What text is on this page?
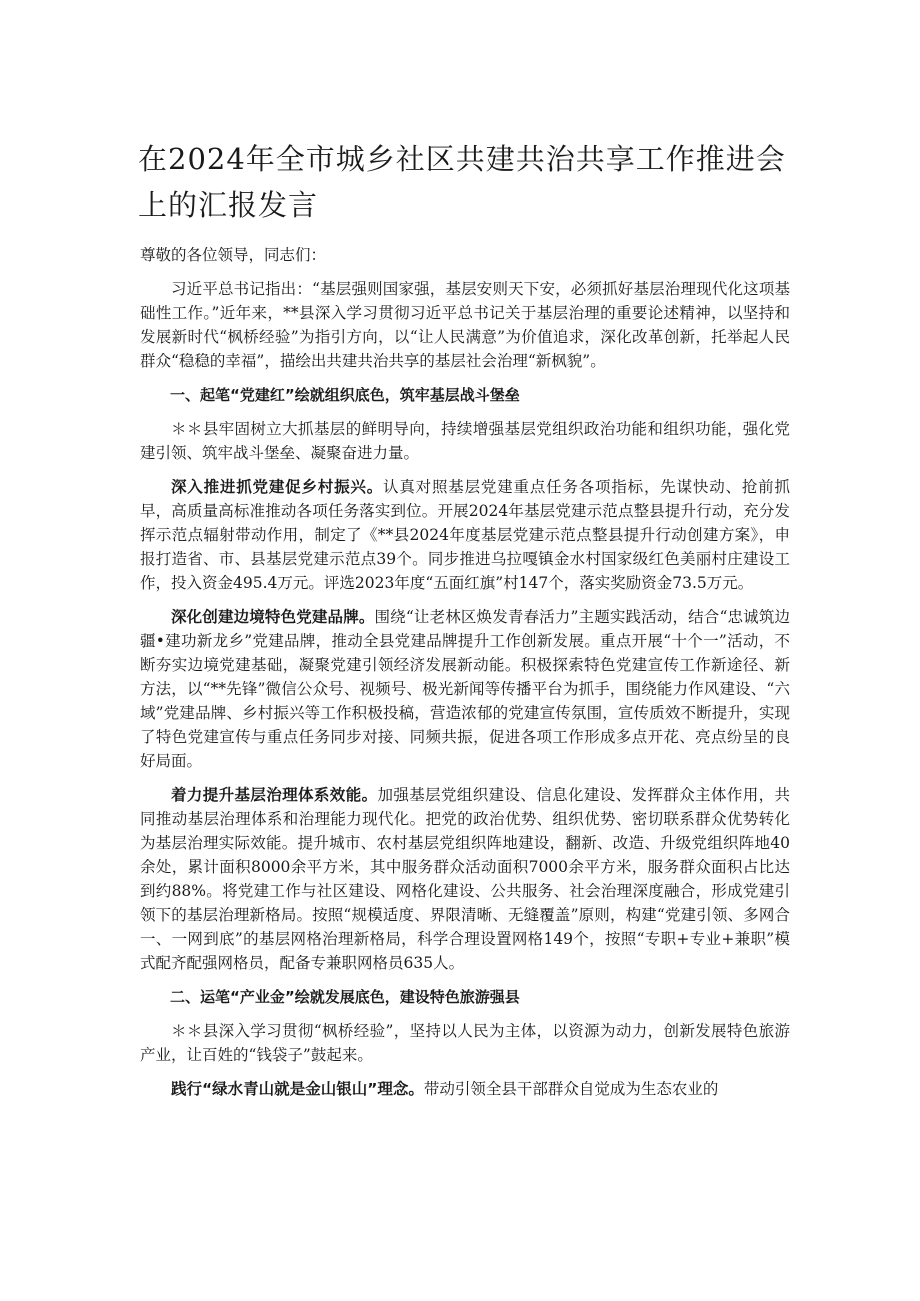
在2024年全市城乡社区共建共治共享工作推进会上的汇报发言

尊敬的各位领导，同志们：

习近平总书记指出：“基层强则国家强，基层安则天下安，必须抓好基层治理现代化这项基础性工作。”近年来，**县深入学习贯彻习近平总书记关于基层治理的重要论述精神，以坚持和发展新时代“枫桥经验”为指引方向，以“让人民满意”为价值追求，深化改革创新，托举起人民群众“稳稳的幸福”，描绘出共建共治共享的基层社会治理“新枫貌”。

一、起笔“党建红”绘就组织底色，筑牢基层战斗堡垒

＊＊县牢固树立大抓基层的鲜明导向，持续增强基层党组织政治功能和组织功能，强化党建引领、筑牢战斗堡垒、凝聚奋进力量。

深入推进抓党建促乡村振兴。认真对照基层党建重点任务各项指标，先谋快动、抢前抓早，高质量高标准推动各项任务落实到位。开展2024年基层党建示范点整县提升行动，充分发挥示范点辐射带动作用，制定了《**县2024年度基层党建示范点整县提升行动创建方案》，申报打造省、市、县基层党建示范点39个。同步推进乌拉嘎镇金水村国家级红色美丽村庄建设工作，投入资金495.4万元。评选2023年度“五面红旗”村147个，落实奖励资金73.5万元。

深化创建边境特色党建品牌。围绕“让老林区焕发青春活力”主题实践活动，结合“忠诚筑边疆•建功新龙乡”党建品牌，推动全县党建品牌提升工作创新发展。重点开展“十个一”活动，不断夯实边境党建基础，凝聚党建引领经济发展新动能。积极探索特色党建宣传工作新途径、新方法，以“**先锋”微信公众号、视频号、极光新闻等传播平台为抓手，围绕能力作风建设、“六域”党建品牌、乡村振兴等工作积极投稿，营造浓郁的党建宣传氛围，宣传质效不断提升，实现了特色党建宣传与重点任务同步对接、同频共振，促进各项工作形成多点开花、亮点纷呈的良好局面。

着力提升基层治理体系效能。加强基层党组织建设、信息化建设、发挥群众主体作用，共同推动基层治理体系和治理能力现代化。把党的政治优势、组织优势、密切联系群众优势转化为基层治理实际效能。提升城市、农村基层党组织阵地建设，翻新、改造、升级党组织阵地40余处，累计面积8000余平方米，其中服务群众活动面积7000余平方米，服务群众面积占比达到约88%。将党建工作与社区建设、网格化建设、公共服务、社会治理深度融合，形成党建引领下的基层治理新格局。按照“规模适度、界限清晰、无缝覆盖”原则，构建“党建引领、多网合一、一网到底”的基层网格治理新格局，科学合理设置网格149个，按照“专职+专业+兼职”模式配齐配强网格员，配备专兼职网格员635人。

二、运笔“产业金”绘就发展底色，建设特色旅游强县

＊＊县深入学习贯彻“枫桥经验”，坚持以人民为主体，以资源为动力，创新发展特色旅游产业，让百姓的“钱袋子”鼓起来。

践行“绿水青山就是金山银山”理念。带动引领全县干部群众自觉成为生态农业的
